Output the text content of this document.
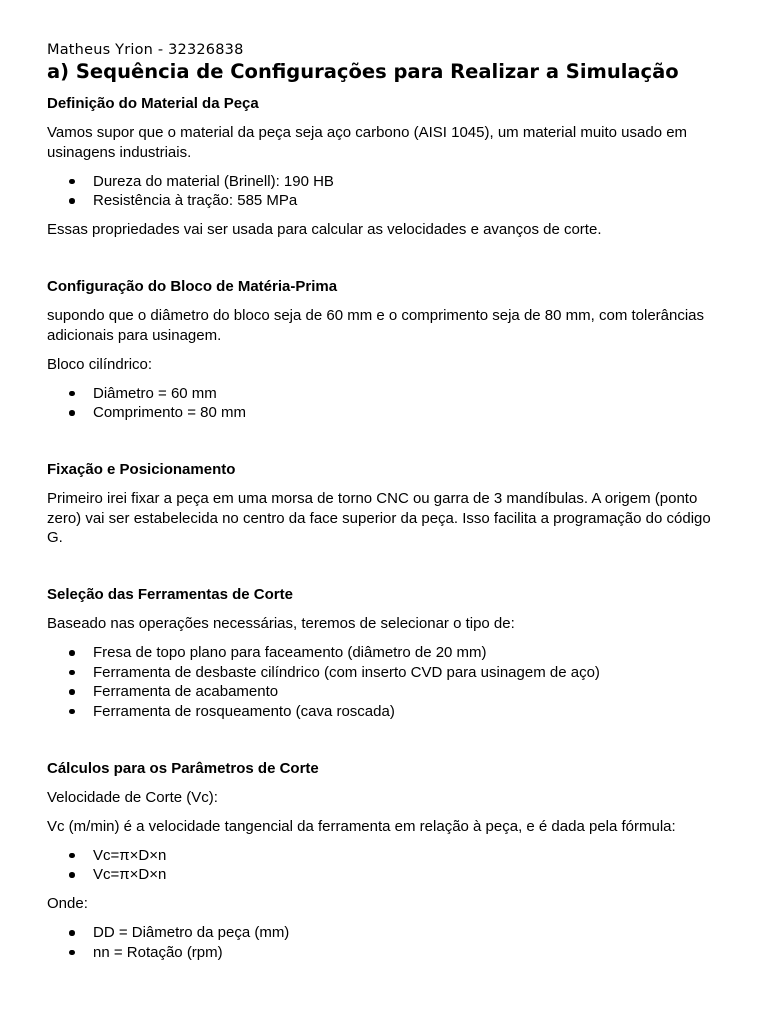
Matheus Yrion - 32326838

a) Sequência de Configurações para Realizar a Simulação
Definição do Material da Peça

Vamos supor que o material da peça seja aço carbono (AISI 1045), um material muito usado em usinagens industriais.

Dureza do material (Brinell): 190 HB
Resistência à tração: 585 MPa

Essas propriedades vai ser usada para calcular as velocidades e avanços de corte.

Configuração do Bloco de Matéria-Prima

supondo que o diâmetro do bloco seja de 60 mm e o comprimento seja de 80 mm, com tolerâncias adicionais para usinagem.

Bloco cilíndrico:

Diâmetro = 60 mm
Comprimento = 80 mm
Fixação e Posicionamento

Primeiro irei fixar a peça em uma morsa de torno CNC ou garra de 3 mandíbulas. A origem (ponto zero) vai ser estabelecida no centro da face superior da peça. Isso facilita a programação do código G.

Seleção das Ferramentas de Corte

Baseado nas operações necessárias, teremos de selecionar o tipo de:

Fresa de topo plano para faceamento (diâmetro de 20 mm)
Ferramenta de desbaste cilíndrico (com inserto CVD para usinagem de aço)
Ferramenta de acabamento
Ferramenta de rosqueamento (cava roscada)
Cálculos para os Parâmetros de Corte

Velocidade de Corte (Vc):

Vc (m/min) é a velocidade tangencial da ferramenta em relação à peça, e é dada pela fórmula:

Vc=π×D×n
Vc=π×D×n

Onde:

DD = Diâmetro da peça (mm)
nn = Rotação (rpm)
